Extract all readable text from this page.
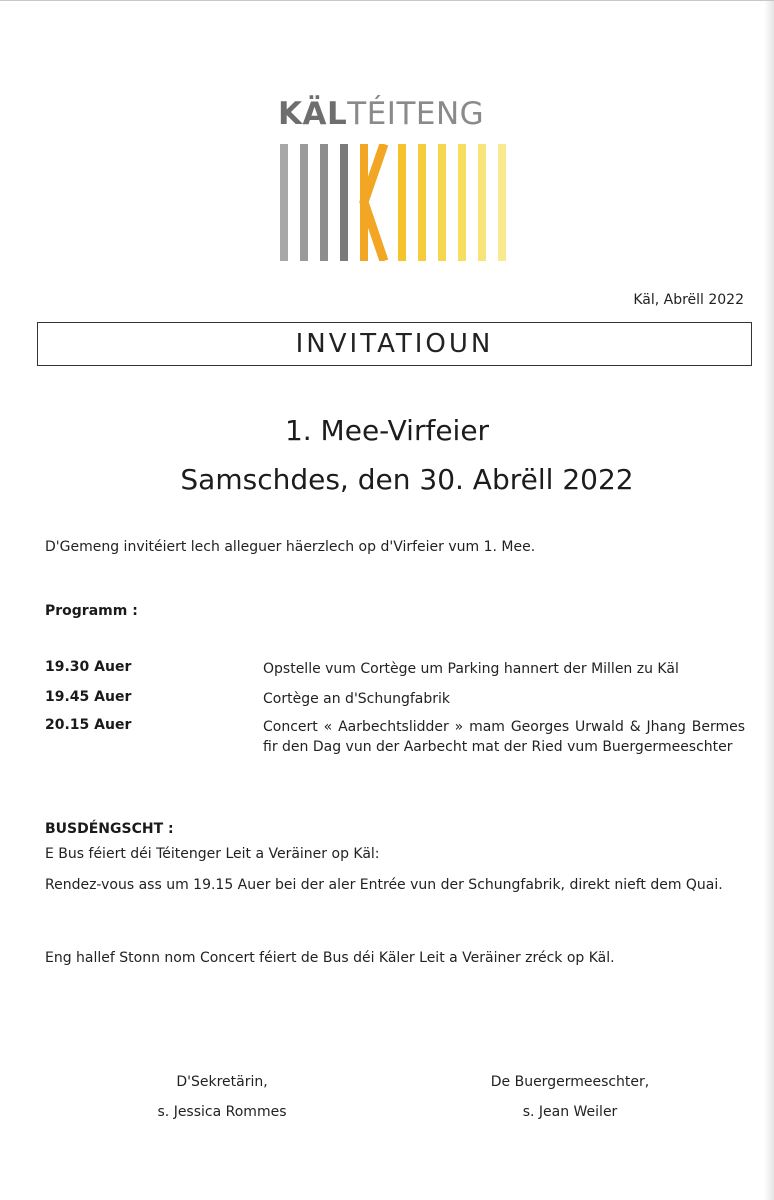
KÄLTÉITENG
Käl, Abrëll 2022
INVITATIOUN
1. Mee-Virfeier
Samschdes, den 30. Abrëll 2022
D'Gemeng invitéiert lech alleguer häerzlech op d'Virfeier vum 1. Mee.
Programm :
19.30 Auer	Opstelle vum Cortège um Parking hannert der Millen zu Käl
19.45 Auer	Cortège an d'Schungfabrik
20.15 Auer	Concert « Aarbechtslidder » mam Georges Urwald & Jhang Bermes fir den Dag vun der Aarbecht mat der Ried vum Buergermeeschter
BUSDÉNGSCHT :
E Bus féiert déi Téitenger Leit a Veräiner op Käl:
Rendez-vous ass um 19.15 Auer bei der aler Entrée vun der Schungfabrik, direkt nieft dem Quai.
Eng hallef Stonn nom Concert féiert de Bus déi Käler Leit a Veräiner zréck op Käl.
D'Sekretärin,
s. Jessica Rommes
De Buergermeeschter,
s. Jean Weiler
